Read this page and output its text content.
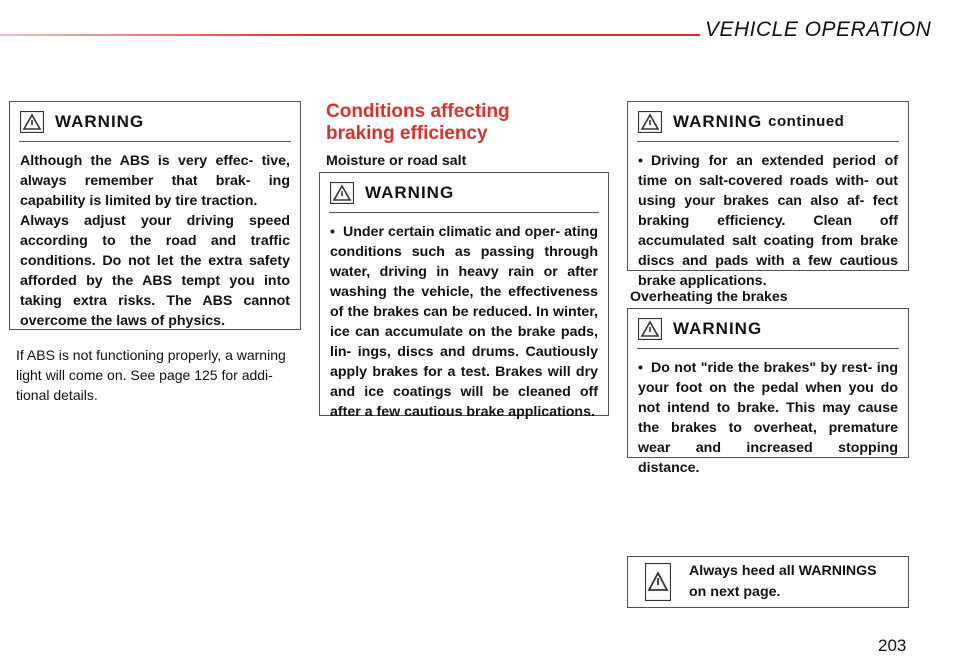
VEHICLE OPERATION
WARNING

Although the ABS is very effec- tive, always remember that brak- ing capability is limited by tire traction.

Always adjust your driving speed according to the road and traffic conditions. Do not let the extra safety afforded by the ABS tempt you into taking extra risks. The ABS cannot overcome the laws of physics.

If ABS is not functioning properly, a warning light will come on. See page 125 for addi- tional details.
Conditions affecting braking efficiency
Moisture or road salt
WARNING

• Under certain climatic and oper- ating conditions such as passing through water, driving in heavy rain or after washing the vehicle, the effectiveness of the brakes can be reduced. In winter, ice can accumulate on the brake pads, lin- ings, discs and drums. Cautiously apply brakes for a test. Brakes will dry and ice coatings will be cleaned off after a few cautious brake applications.

WARNING continued

• Driving for an extended period of time on salt-covered roads with- out using your brakes can also af- fect braking efficiency. Clean off accumulated salt coating from brake discs and pads with a few cautious brake applications.

Overheating the brakes
WARNING

• Do not "ride the brakes" by rest- ing your foot on the pedal when you do not intend to brake. This may cause the brakes to overheat, premature wear and increased stopping distance.

Always heed all WARNINGS
on next page.
203
